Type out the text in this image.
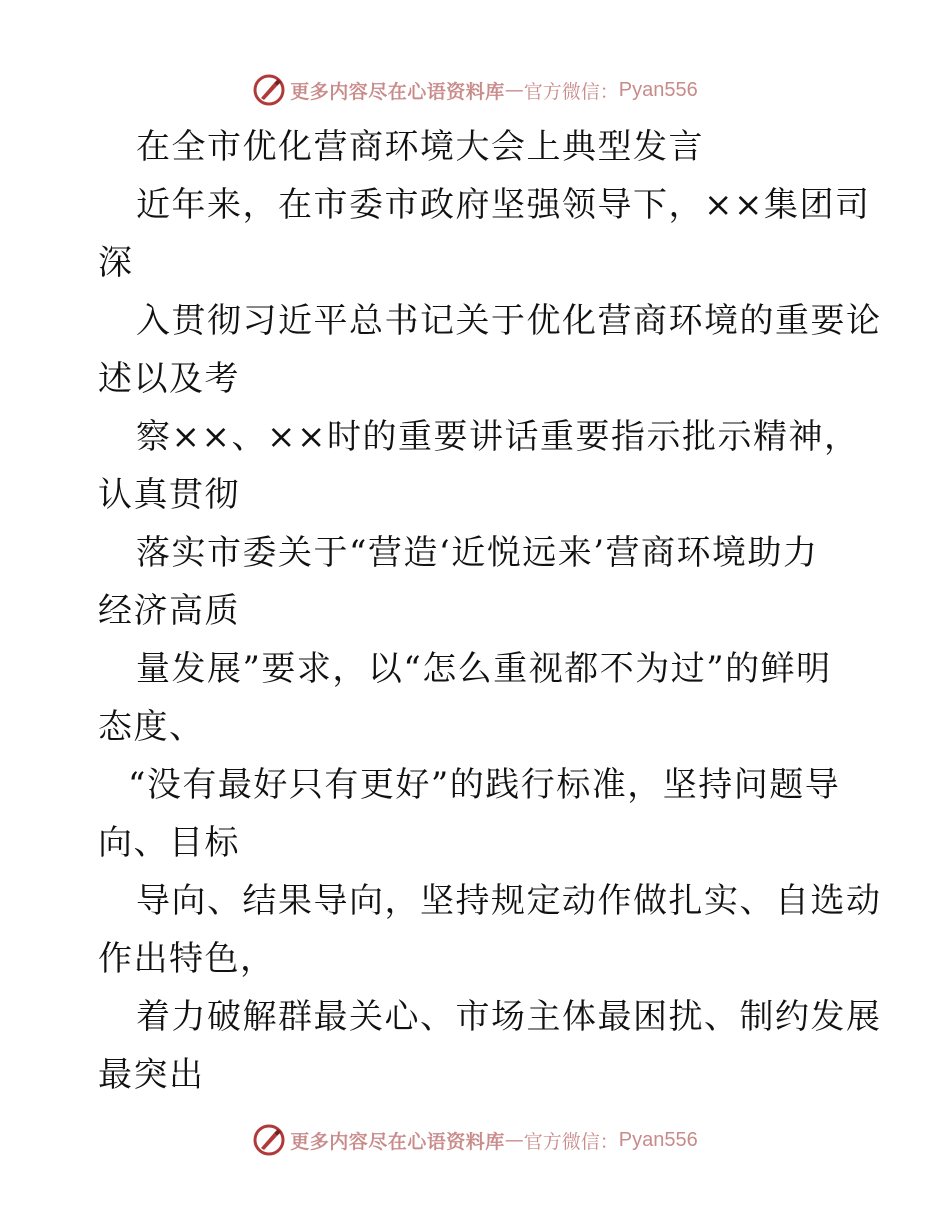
更多内容尽在心语资料库 — 官方微信： Pyan556
在全市优化营商环境大会上典型发言
近年来，在市委市政府坚强领导下，××集团司
深
入贯彻习近平总书记关于优化营商环境的重要论
述以及考
察××、××时的重要讲话重要指示批示精神，
认真贯彻
落实市委关于“营造‘近悦远来’营商环境助力
经济高质
量发展”要求，以“怎么重视都不为过”的鲜明
态度、
“没有最好只有更好”的践行标准，坚持问题导
向、目标
导向、结果导向，坚持规定动作做扎实、自选动
作出特色，
着力破解群最关心、市场主体最困扰、制约发展
最突出
更多内容尽在心语资料库 — 官方微信： Pyan556
